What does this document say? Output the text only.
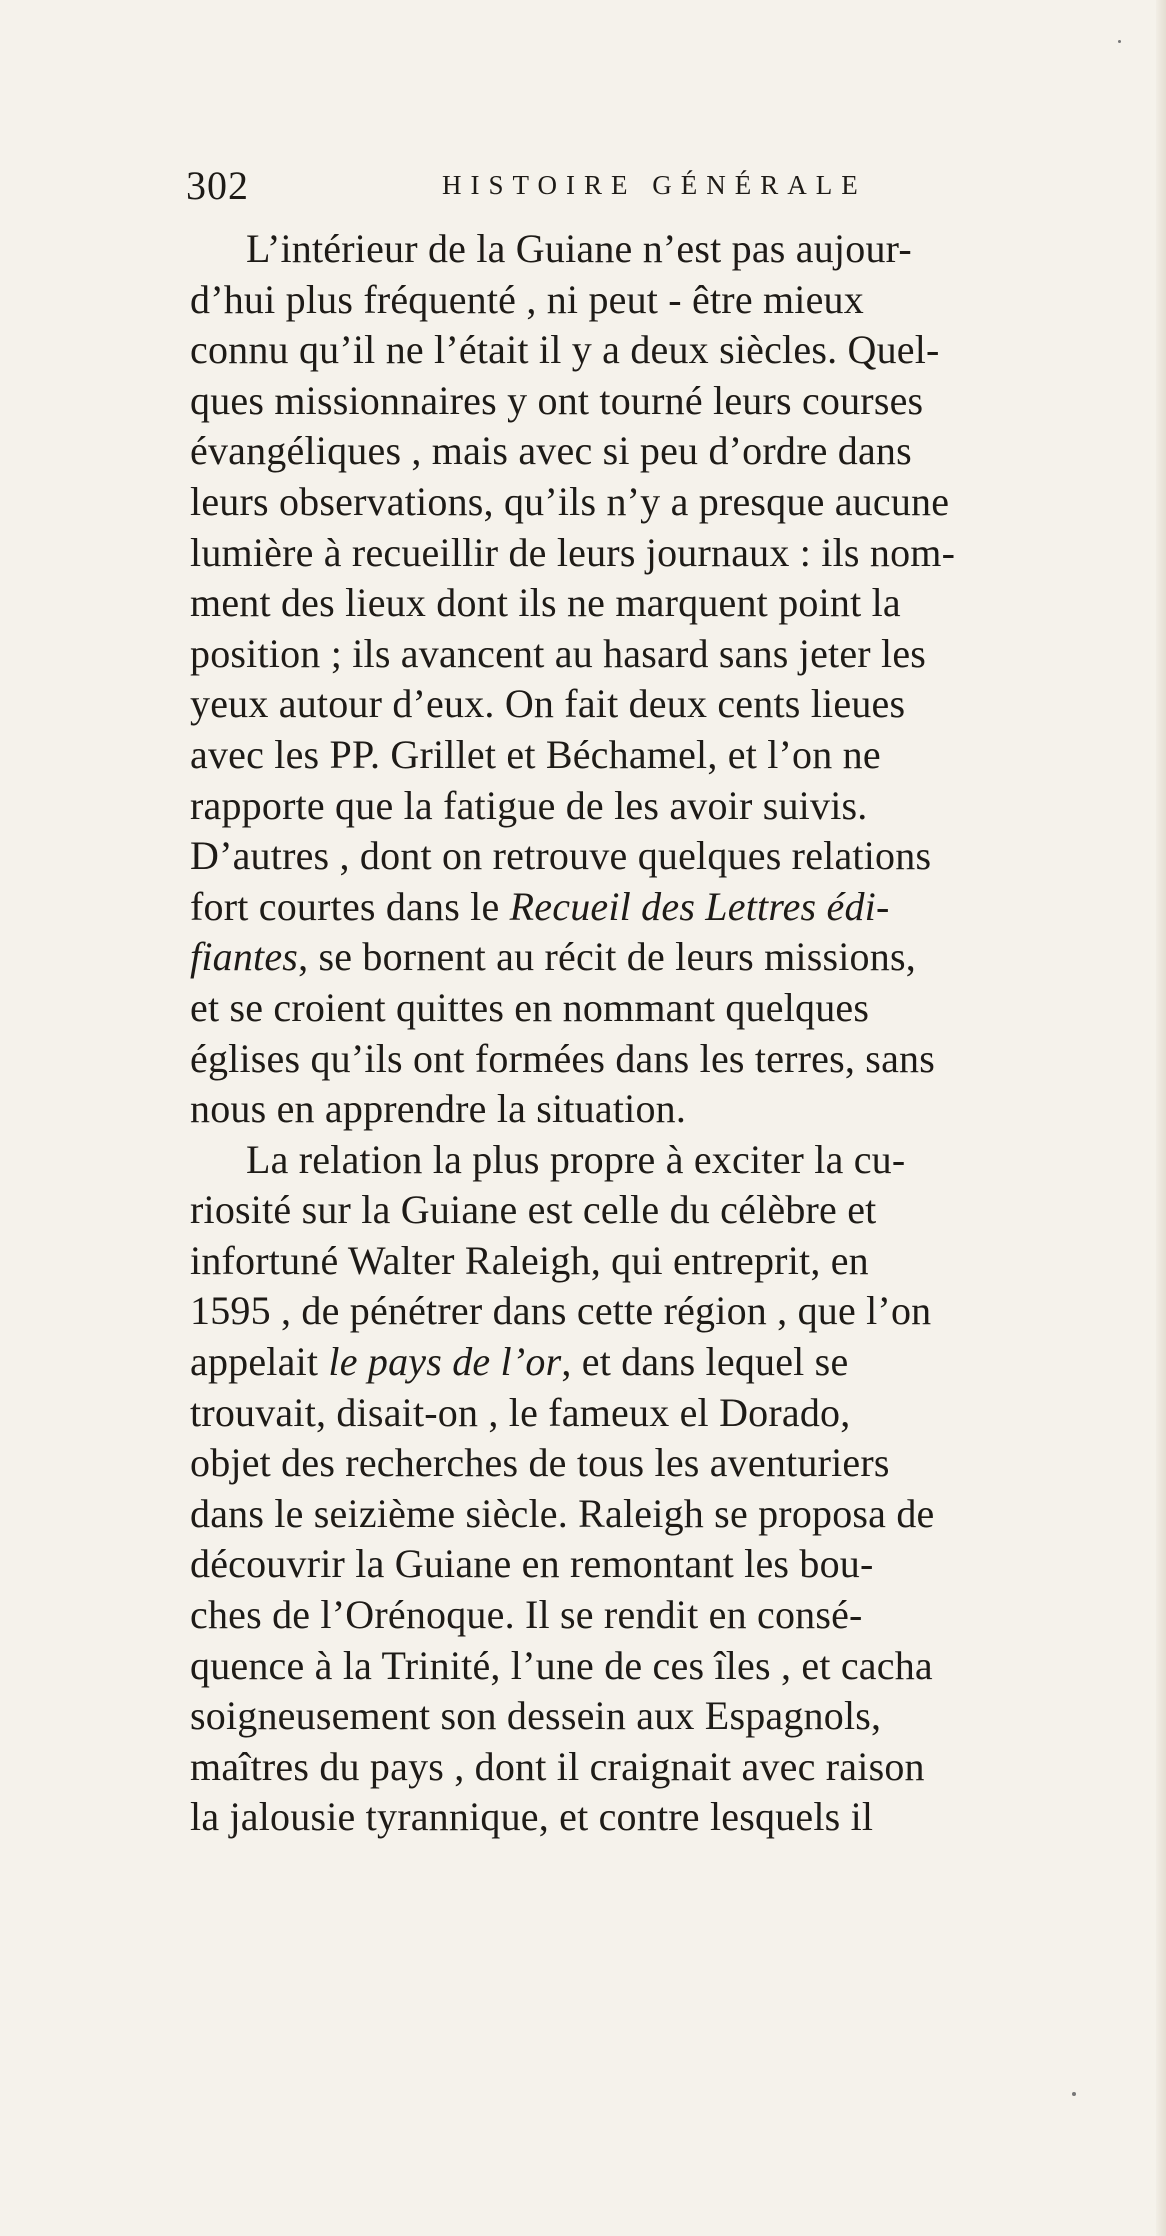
302	HISTOIRE GÉNÉRALE
L’intérieur de la Guiane n’est pas aujour-
d’hui plus fréquenté , ni peut - être mieux
connu qu’il ne l’était il y a deux siècles. Quel-
ques missionnaires y ont tourné leurs courses
évangéliques , mais avec si peu d’ordre dans
leurs observations, qu’ils n’y a presque aucune
lumière à recueillir de leurs journaux : ils nom-
ment des lieux dont ils ne marquent point la
position ; ils avancent au hasard sans jeter les
yeux autour d’eux. On fait deux cents lieues
avec les PP. Grillet et Béchamel, et l’on ne
rapporte que la fatigue de les avoir suivis.
D’autres , dont on retrouve quelques relations
fort courtes dans le Recueil des Lettres édi-
fiantes, se bornent au récit de leurs missions,
et se croient quittes en nommant quelques
églises qu’ils ont formées dans les terres, sans
nous en apprendre la situation.
La relation la plus propre à exciter la cu-
riosité sur la Guiane est celle du célèbre et
infortuné Walter Raleigh, qui entreprit, en
1595 , de pénétrer dans cette région , que l’on
appelait le pays de l’or, et dans lequel se
trouvait, disait-on , le fameux el Dorado,
objet des recherches de tous les aventuriers
dans le seizième siècle. Raleigh se proposa de
découvrir la Guiane en remontant les bou-
ches de l’Orénoque. Il se rendit en consé-
quence à la Trinité, l’une de ces îles , et cacha
soigneusement son dessein aux Espagnols,
maîtres du pays , dont il craignait avec raison
la jalousie tyrannique, et contre lesquels il
